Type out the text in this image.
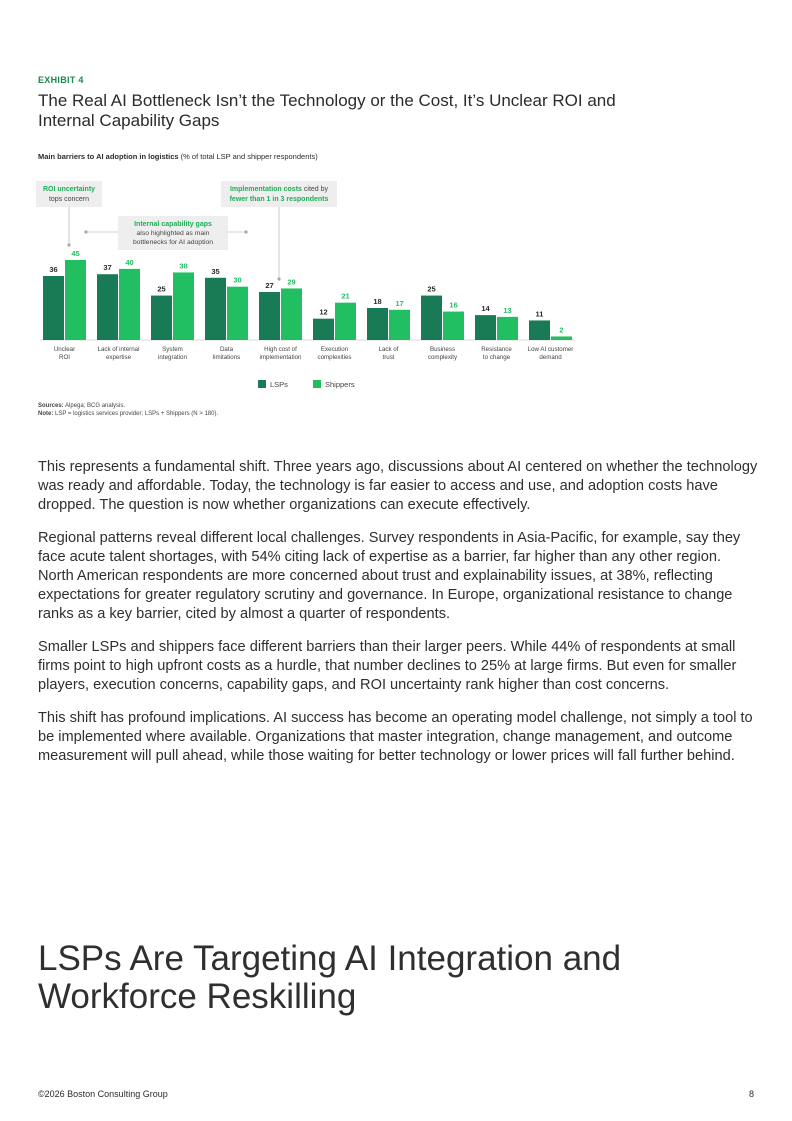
EXHIBIT 4
The Real AI Bottleneck Isn’t the Technology or the Cost, It’s Unclear ROI and Internal Capability Gaps
Main barriers to AI adoption in logistics (% of total LSP and shipper respondents)
36
45
Unclear
ROI
37
40
Lack of internal
expertise
25
38
System
integration
35
30
Data
limitations
27 29
High cost of
implementation
12
21
Execution
complexities
18 17
Lack of
trust
25
16
Business
complexity
14 13
Resistance
to change
11
2
Low AI customer
demand
ROI uncertainty
tops concern
Internal capability gaps
also highlighted as main
bottlenecks for AI adoption
Implementation costs cited by
fewer than 1 in 3 respondents
LSPs	Shippers
Sources: Alpega; BCG analysis.
Note: LSP = logistics services provider; LSPs + Shippers (N > 180).

This represents a fundamental shift. Three years ago, discussions about AI centered on whether the technology was ready and affordable. Today, the technology is far easier to access and use, and adoption costs have dropped. The question is now whether organizations can execute effectively.

Regional patterns reveal different local challenges. Survey respondents in Asia-Pacific, for example, say they face acute talent shortages, with 54% citing lack of expertise as a barrier, far higher than any other region. North American respondents are more concerned about trust and explainability issues, at 38%, reflecting expectations for greater regulatory scrutiny and governance. In Europe, organizational resistance to change ranks as a key barrier, cited by almost a quarter of respondents.

Smaller LSPs and shippers face different barriers than their larger peers. While 44% of respondents at small firms point to high upfront costs as a hurdle, that number declines to 25% at large firms. But even for smaller players, execution concerns, capability gaps, and ROI uncertainty rank higher than cost concerns.

This shift has profound implications. AI success has become an operating model challenge, not simply a tool to be implemented where available. Organizations that master integration, change management, and outcome measurement will pull ahead, while those waiting for better technology or lower prices will fall further behind.

LSPs Are Targeting AI Integration and Workforce Reskilling
©2026 Boston Consulting Group	8
